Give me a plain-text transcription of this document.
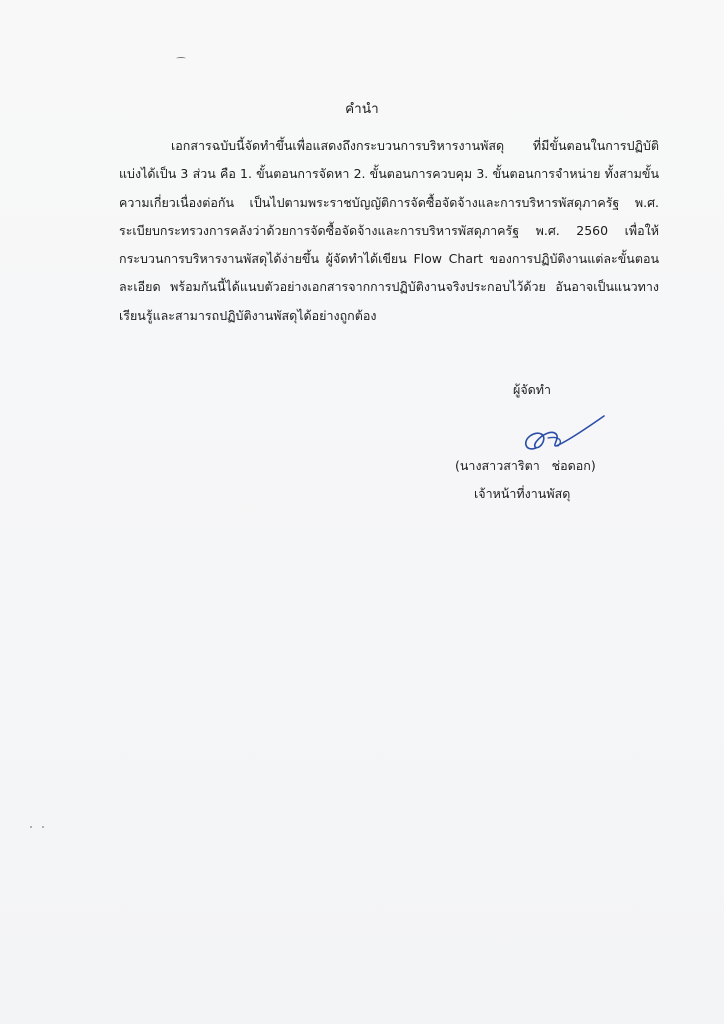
คำนำ
เอกสารฉบับนี้จัดทำขึ้นเพื่อแสดงถึงกระบวนการบริหารงานพัสดุ ที่มีขั้นตอนในการปฏิบัติ
แบ่งได้เป็น 3 ส่วน คือ 1. ขั้นตอนการจัดหา 2. ขั้นตอนการควบคุม 3. ขั้นตอนการจำหน่าย ทั้งสามขั้น
ความเกี่ยวเนื่องต่อกัน เป็นไปตามพระราชบัญญัติการจัดซื้อจัดจ้างและการบริหารพัสดุภาครัฐ พ.ศ.
ระเบียบกระทรวงการคลังว่าด้วยการจัดซื้อจัดจ้างและการบริหารพัสดุภาครัฐ พ.ศ. 2560 เพื่อให้
กระบวนการบริหารงานพัสดุได้ง่ายขึ้น ผู้จัดทำได้เขียน Flow Chart ของการปฏิบัติงานแต่ละขั้นตอน
ละเอียด พร้อมกันนี้ได้แนบตัวอย่างเอกสารจากการปฏิบัติงานจริงประกอบไว้ด้วย อันอาจเป็นแนวทาง
เรียนรู้และสามารถปฏิบัติงานพัสดุได้อย่างถูกต้อง
ผู้จัดทำ
(นางสาวสาริตา   ช่อดอก)
เจ้าหน้าที่งานพัสดุ
